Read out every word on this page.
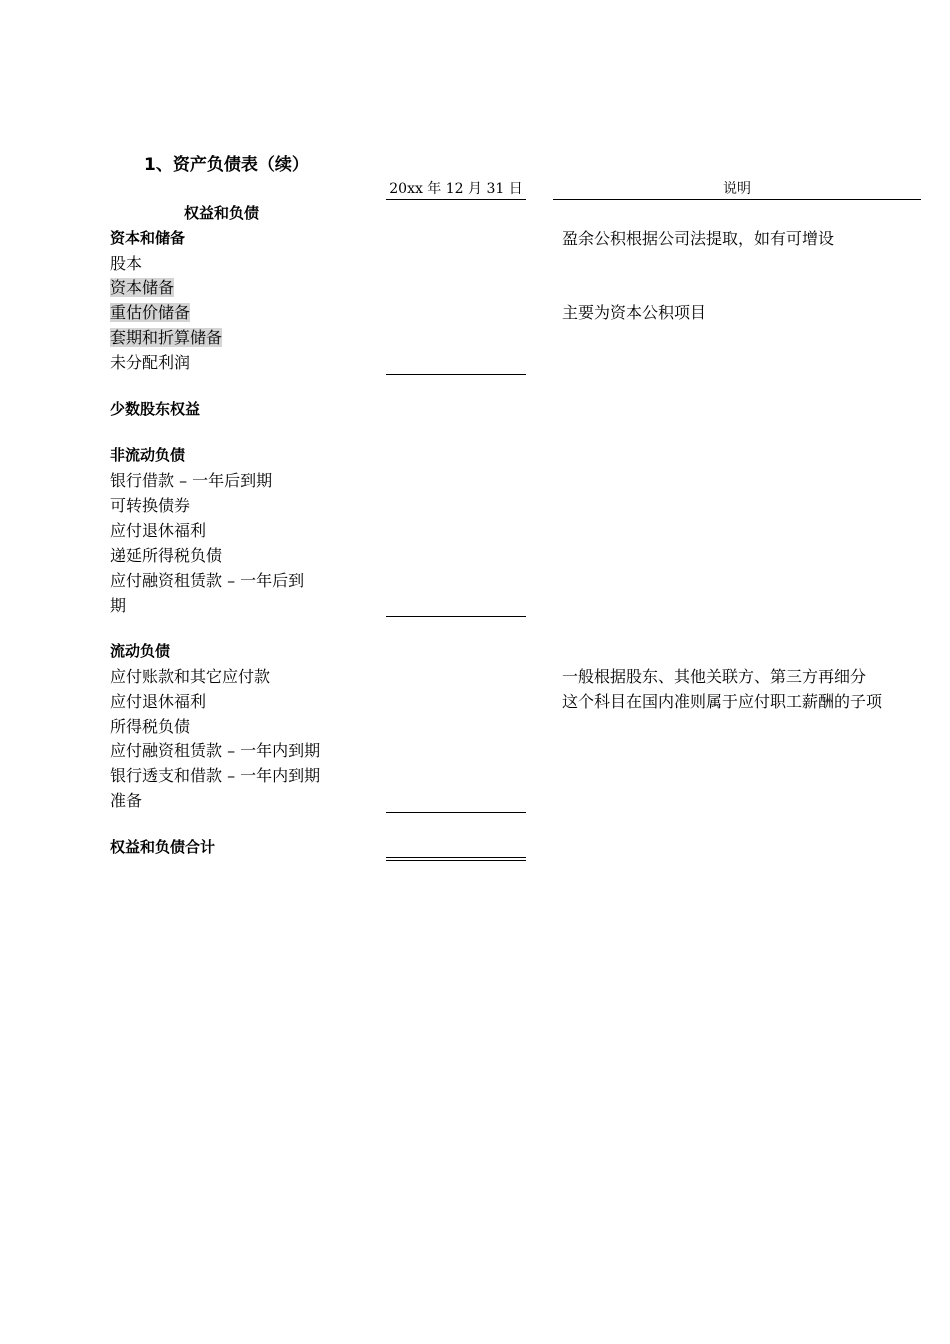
1、资产负债表（续）
20xx 年 12 月 31 日	说明
权益和负债
资本和储备
股本
资本储备
重估价储备
套期和折算储备
未分配利润
少数股东权益
非流动负债
银行借款 – 一年后到期
可转换债券
应付退休福利
递延所得税负债
应付融资租赁款 – 一年后到
期
流动负债
应付账款和其它应付款
应付退休福利
所得税负债
应付融资租赁款 – 一年内到期
银行透支和借款 – 一年内到期
准备
权益和负债合计
盈余公积根据公司法提取，如有可增设
主要为资本公积项目
一般根据股东、其他关联方、第三方再细分
这个科目在国内准则属于应付职工薪酬的子项
